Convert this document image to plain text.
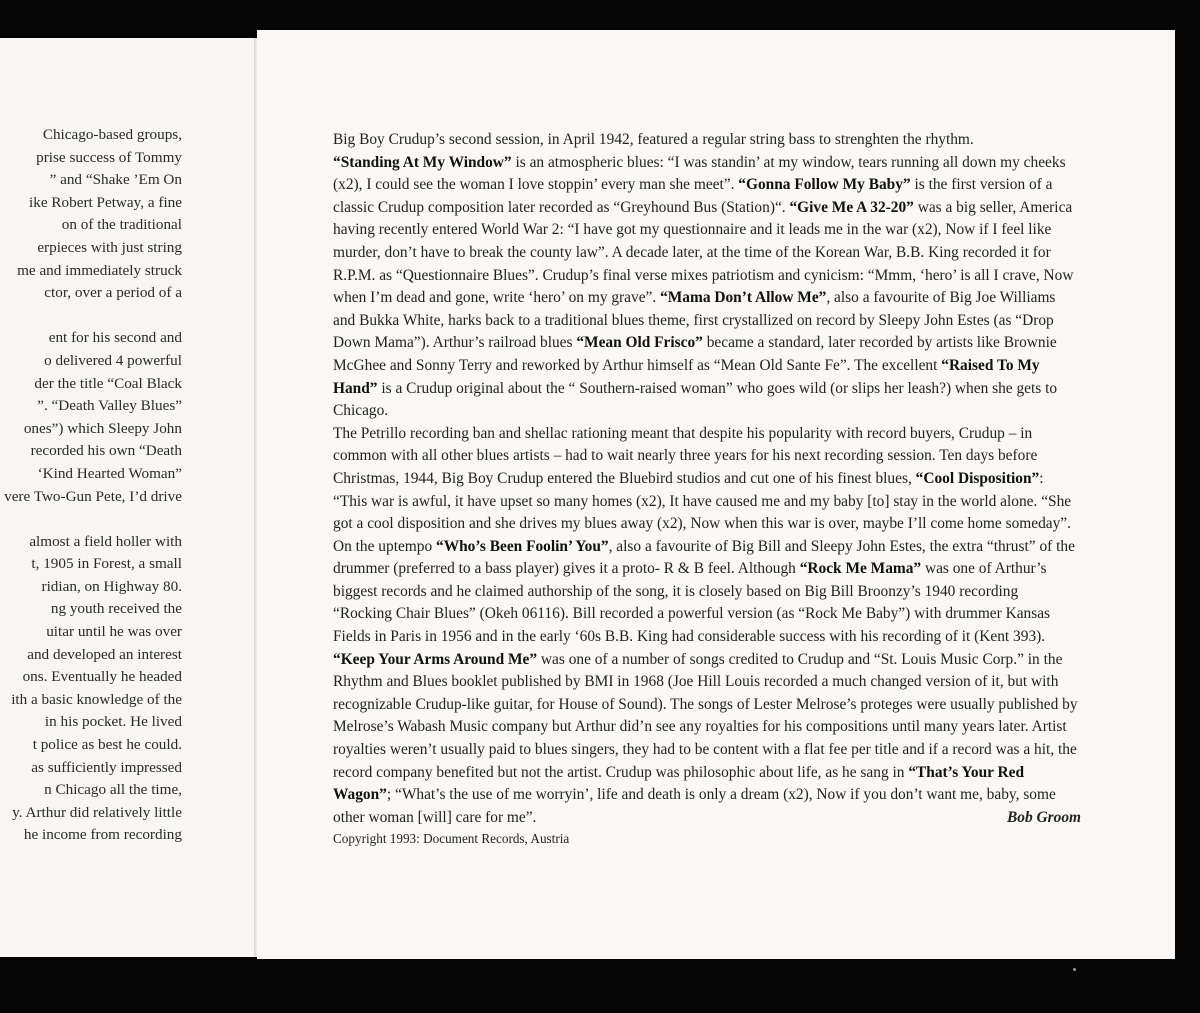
Chicago-based groups,

prise success of Tommy

” and “Shake ’Em On

ike Robert Petway, a fine

on of the traditional

erpieces with just string

me and immediately struck

ctor, over a period of a

ent for his second and

o delivered 4 powerful

der the title “Coal Black

”. “Death Valley Blues”

ones”) which Sleepy John

recorded his own “Death

‘Kind Hearted Woman”

vere Two-Gun Pete, I’d drive

almost a field holler with

t, 1905 in Forest, a small

ridian, on Highway 80.

ng youth received the

uitar until he was over

and developed an interest

ons. Eventually he headed

ith a basic knowledge of the

in his pocket. He lived

t police as best he could.

as sufficiently impressed

n Chicago all the time,

y. Arthur did relatively little

he income from recording

Big Boy Crudup’s second session, in April 1942, featured a regular string bass to strenghten the rhythm.
“Standing At My Window” is an atmospheric blues: “I was standin’ at my window, tears running all down my cheeks (x2), I could see the woman I love stoppin’ every man she meet”. “Gonna Follow My Baby” is the first version of a classic Crudup composition later recorded as “Greyhound Bus (Station)“. “Give Me A 32-20” was a big seller, America having recently entered World War 2: “I have got my questionnaire and it leads me in the war (x2), Now if I feel like murder, don’t have to break the county law”. A decade later, at the time of the Korean War, B.B. King recorded it for R.P.M. as “Questionnaire Blues”. Crudup’s final verse mixes patriotism and cynicism: “Mmm, ‘hero’ is all I crave, Now when I’m dead and gone, write ‘hero’ on my grave”. “Mama Don’t Allow Me”, also a favourite of Big Joe Williams and Bukka White, harks back to a traditional blues theme, first crystallized on record by Sleepy John Estes (as “Drop Down Mama”). Arthur’s railroad blues “Mean Old Frisco” became a standard, later recorded by artists like Brownie McGhee and Sonny Terry and reworked by Arthur himself as “Mean Old Sante Fe”. The excellent “Raised To My Hand” is a Crudup original about the “ Southern-raised woman” who goes wild (or slips her leash?) when she gets to Chicago.

The Petrillo recording ban and shellac rationing meant that despite his popularity with record buyers, Crudup – in common with all other blues artists – had to wait nearly three years for his next recording session. Ten days before Christmas, 1944, Big Boy Crudup entered the Bluebird studios and cut one of his finest blues, “Cool Disposition”: “This war is awful, it have upset so many homes (x2), It have caused me and my baby [to] stay in the world alone. “She got a cool disposition and she drives my blues away (x2), Now when this war is over, maybe I’ll come home someday”. On the uptempo “Who’s Been Foolin’ You”, also a favourite of Big Bill and Sleepy John Estes, the extra “thrust” of the drummer (preferred to a bass player) gives it a proto- R & B feel. Although “Rock Me Mama” was one of Arthur’s biggest records and he claimed authorship of the song, it is closely based on Big Bill Broonzy’s 1940 recording “Rocking Chair Blues” (Okeh 06116). Bill recorded a powerful version (as “Rock Me Baby”) with drummer Kansas Fields in Paris in 1956 and in the early ‘60s B.B. King had considerable success with his recording of it (Kent 393).

“Keep Your Arms Around Me” was one of a number of songs credited to Crudup and “St. Louis Music Corp.” in the Rhythm and Blues booklet published by BMI in 1968 (Joe Hill Louis recorded a much changed version of it, but with recognizable Crudup-like guitar, for House of Sound). The songs of Lester Melrose’s proteges were usually published by Melrose’s Wabash Music company but Arthur did’n see any royalties for his compositions until many years later. Artist royalties weren’t usually paid to blues singers, they had to be content with a flat fee per title and if a record was a hit, the record company benefited but not the artist. Crudup was philosophic about life, as he sang in “That’s Your Red Wagon”; “What’s the use of me worryin’, life and death is only a dream (x2), Now if you don’t want me, baby, some other woman [will] care for me”.	Bob Groom

Copyright 1993: Document Records, Austria
